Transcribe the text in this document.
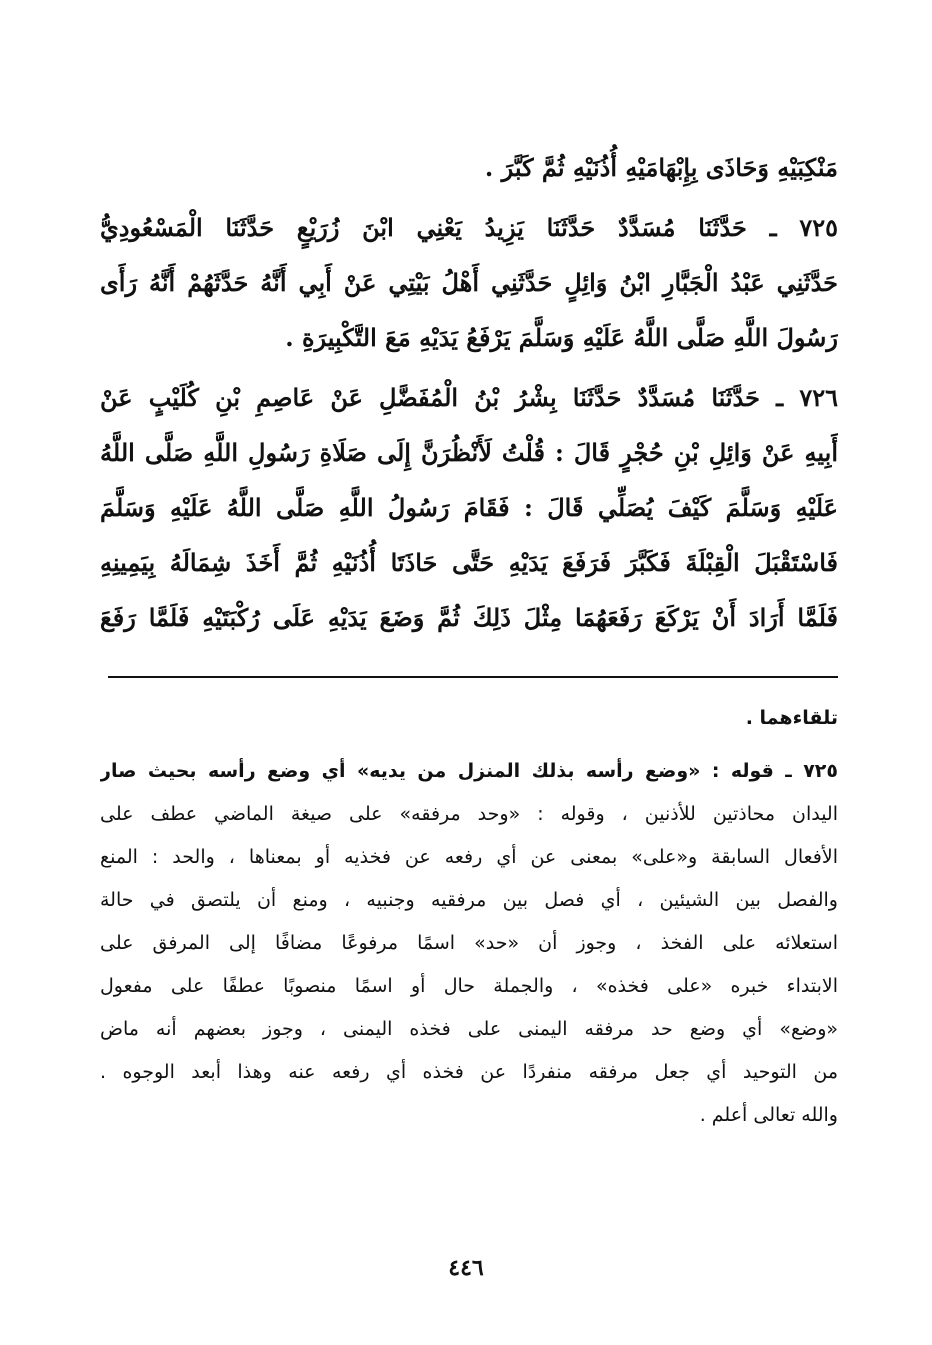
مَنْكِبَيْهِ وَحَاذَى بِإِبْهَامَيْهِ أُذُنَيْهِ ثُمَّ كَبَّرَ .
٧٢٥ ـ حَدَّثَنَا مُسَدَّدٌ حَدَّثَنَا يَزِيدُ يَعْنِي ابْنَ زُرَيْعٍ حَدَّثَنَا الْمَسْعُودِيُّ
حَدَّثَنِي عَبْدُ الْجَبَّارِ ابْنُ وَائِلٍ حَدَّثَنِي أَهْلُ بَيْتِي عَنْ أَبِي أَنَّهُ حَدَّثَهُمْ أَنَّهُ رَأَى
رَسُولَ اللَّهِ صَلَّى اللَّهُ عَلَيْهِ وَسَلَّمَ يَرْفَعُ يَدَيْهِ مَعَ التَّكْبِيرَةِ .
٧٢٦ ـ حَدَّثَنَا مُسَدَّدٌ حَدَّثَنَا بِشْرُ بْنُ الْمُفَضَّلِ عَنْ عَاصِمِ بْنِ كُلَيْبٍ عَنْ
أَبِيهِ عَنْ وَائِلِ بْنِ حُجْرٍ قَالَ : قُلْتُ لَأَنْظُرَنَّ إِلَى صَلَاةِ رَسُولِ اللَّهِ صَلَّى اللَّهُ
عَلَيْهِ وَسَلَّمَ كَيْفَ يُصَلِّي قَالَ : فَقَامَ رَسُولُ اللَّهِ صَلَّى اللَّهُ عَلَيْهِ وَسَلَّمَ
فَاسْتَقْبَلَ الْقِبْلَةَ فَكَبَّرَ فَرَفَعَ يَدَيْهِ حَتَّى حَاذَتَا أُذُنَيْهِ ثُمَّ أَخَذَ شِمَالَهُ بِيَمِينِهِ
فَلَمَّا أَرَادَ أَنْ يَرْكَعَ رَفَعَهُمَا مِثْلَ ذَلِكَ ثُمَّ وَضَعَ يَدَيْهِ عَلَى رُكْبَتَيْهِ فَلَمَّا رَفَعَ
تلقاءهما .
٧٢٥ ـ قوله : «وضع رأسه بذلك المنزل من يديه» أي وضع رأسه بحيث صار
اليدان محاذتين للأذنين ، وقوله : «وحد مرفقه» على صيغة الماضي عطف على
الأفعال السابقة و«على» بمعنى عن أي رفعه عن فخذيه أو بمعناها ، والحد : المنع
والفصل بين الشيئين ، أي فصل بين مرفقيه وجنبيه ، ومنع أن يلتصق في حالة
استعلائه على الفخذ ، وجوز أن «حد» اسمًا مرفوعًا مضافًا إلى المرفق على
الابتداء خبره «على فخذه» ، والجملة حال أو اسمًا منصوبًا عطفًا على مفعول
«وضع» أي وضع حد مرفقه اليمنى على فخذه اليمنى ، وجوز بعضهم أنه ماض
من التوحيد أي جعل مرفقه منفردًا عن فخذه أي رفعه عنه وهذا أبعد الوجوه .
والله تعالى أعلم .
٤٤٦
